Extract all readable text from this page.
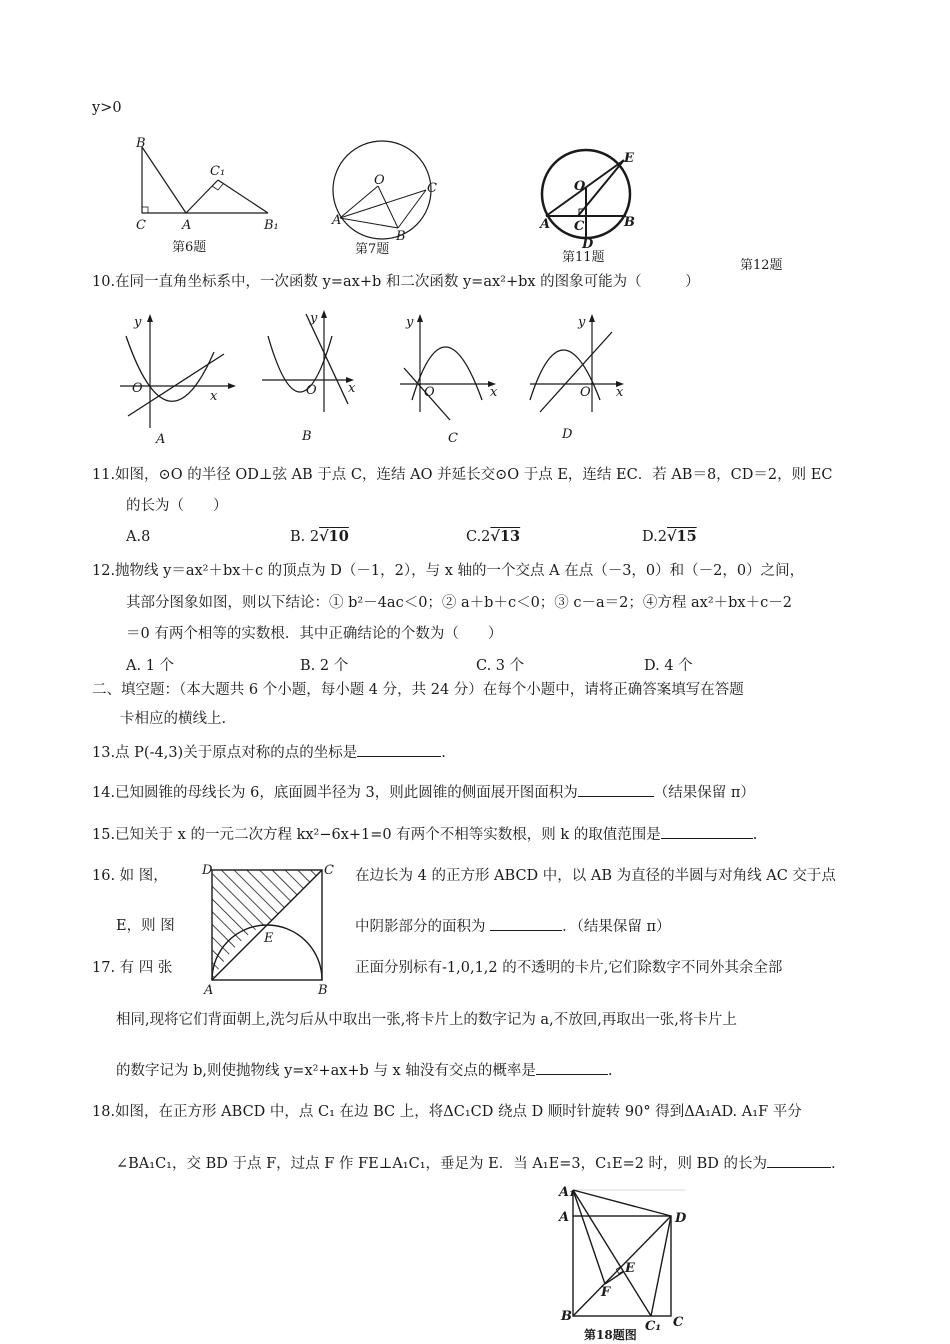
y>0
B
C	A
C₁
B₁
第6题
O
A
B
C
第7题
O
E
A C	B
D
第11题
第12题
10.在同一直角坐标系中，一次函数 y=ax+b 和二次函数 y=ax²+bx 的图象可能为（　　　）
y
O
x
A
y
O x
B
y
O	x
C
y
O x
D
11.如图，⊙O 的半径 OD⊥弦 AB 于点 C，连结 AO 并延长交⊙O 于点 E，连结 EC．若 AB＝8，CD＝2，则 EC
的长为（　　）
A.8	B. 2√10	C.2√13	D.2√15
12.抛物线 y＝ax²＋bx＋c 的顶点为 D（－1，2），与 x 轴的一个交点 A 在点（－3，0）和（－2，0）之间，
其部分图象如图，则以下结论：① b²－4ac＜0；② a＋b＋c＜0；③ c－a＝2；④方程 ax²＋bx＋c－2
＝0 有两个相等的实数根．其中正确结论的个数为（　　）
A. 1 个	B. 2 个	C. 3 个	D. 4 个
二、填空题：（本大题共 6 个小题，每小题 4 分，共 24 分）在每个小题中，请将正确答案填写在答题
卡相应的横线上.
13.点 P(-4,3)关于原点对称的点的坐标是	.
14.已知圆锥的母线长为 6，底面圆半径为 3，则此圆锥的侧面展开图面积为	（结果保留 π）
15.已知关于 x 的一元二次方程 kx²−6x+1=0 有两个不相等实数根，则 k 的取值范围是	.
16. 如 图，	在边长为 4 的正方形 ABCD 中，以 AB 为直径的半圆与对角线 AC 交于点
E，则 图	中阴影部分的面积为	．（结果保留 π）
D	C
E
A	B
17. 有 四 张	正面分别标有-1,0,1,2 的不透明的卡片,它们除数字不同外其余全部
相同,现将它们背面朝上,洗匀后从中取出一张,将卡片上的数字记为 a,不放回,再取出一张,将卡片上
的数字记为 b,则使抛物线 y=x²+ax+b 与 x 轴没有交点的概率是	.
18.如图，在正方形 ABCD 中，点 C₁ 在边 BC 上，将ΔC₁CD 绕点 D 顺时针旋转 90° 得到ΔA₁AD. A₁F 平分
∠BA₁C₁，交 BD 于点 F，过点 F 作 FE⊥A₁C₁，垂足为 E．当 A₁E=3，C₁E=2 时，则 BD 的长为	.
A₁
A	D
E
F
B
C₁ C
第18题图
